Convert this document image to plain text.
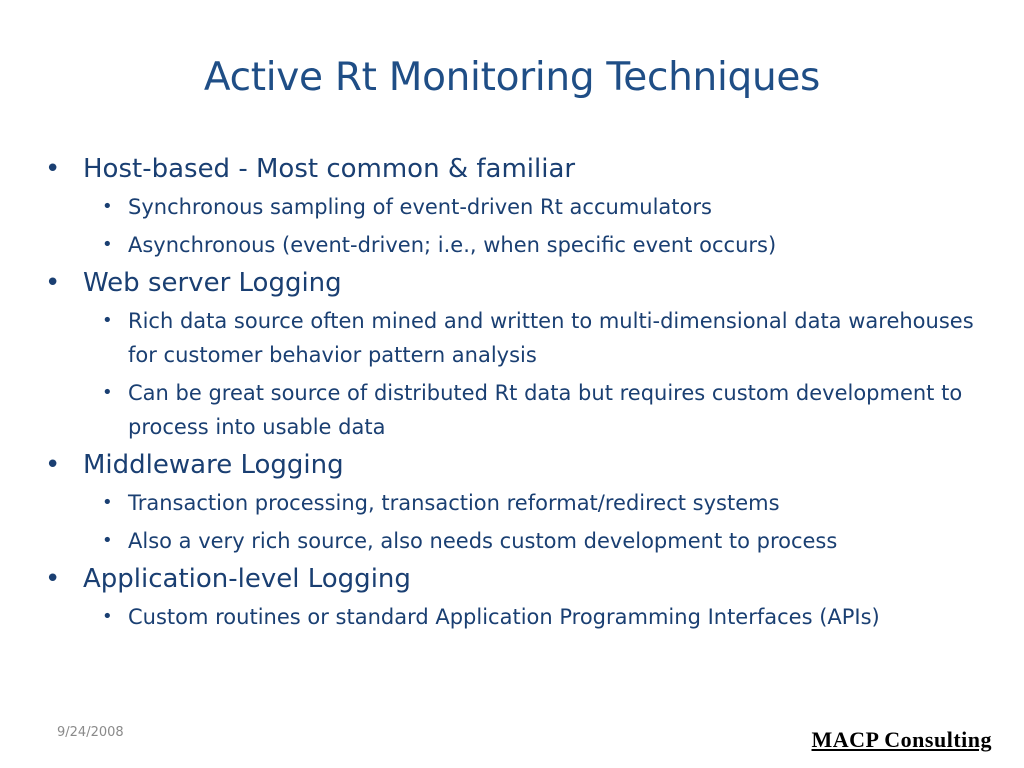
Active Rt Monitoring Techniques
• Host-based - Most common & familiar
• Synchronous sampling of event-driven Rt accumulators
• Asynchronous (event-driven; i.e., when specific event occurs)
• Web server Logging
• Rich data source often mined and written to multi-dimensional data warehouses for customer behavior pattern analysis
• Can be great source of distributed Rt data but requires custom development to process into usable data
• Middleware Logging
• Transaction processing, transaction reformat/redirect systems
• Also a very rich source, also needs custom development to process
• Application-level Logging
• Custom routines or standard Application Programming Interfaces (APIs)
9/24/2008	MACP Consulting
